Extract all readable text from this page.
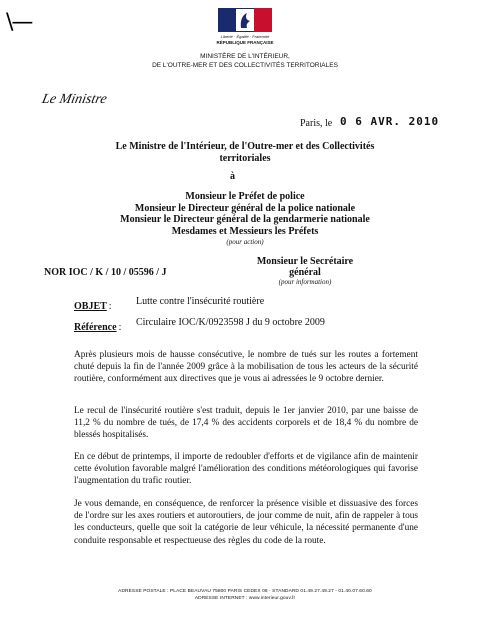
\—
Liberté · Égalité · Fraternité
RÉPUBLIQUE FRANÇAISE
MINISTÈRE DE L'INTÉRIEUR,
DE L'OUTRE-MER ET DES COLLECTIVITÉS TERRITORIALES
Le Ministre
Paris, le 0 6 AVR. 2010
Le Ministre de l'Intérieur, de l'Outre-mer et des Collectivités
territoriales
à
Monsieur le Préfet de police
Monsieur le Directeur général de la police nationale
Monsieur le Directeur général de la gendarmerie nationale
Mesdames et Messieurs les Préfets
(pour action)
NOR IOC / K / 10 / 05596 / J
Monsieur le Secrétaire général
(pour information)
OBJET : Lutte contre l'insécurité routière
Référence : Circulaire IOC/K/0923598 J du 9 octobre 2009
Après plusieurs mois de hausse consécutive, le nombre de tués sur les routes a fortement chuté depuis la fin de l'année 2009 grâce à la mobilisation de tous les acteurs de la sécurité routière, conformément aux directives que je vous ai adressées le 9 octobre dernier.
Le recul de l'insécurité routière s'est traduit, depuis le 1er janvier 2010, par une baisse de 11,2 % du nombre de tués, de 17,4 % des accidents corporels et de 18,4 % du nombre de blessés hospitalisés.
En ce début de printemps, il importe de redoubler d'efforts et de vigilance afin de maintenir cette évolution favorable malgré l'amélioration des conditions météorologiques qui favorise l'augmentation du trafic routier.
Je vous demande, en conséquence, de renforcer la présence visible et dissuasive des forces de l'ordre sur les axes routiers et autoroutiers, de jour comme de nuit, afin de rappeler à tous les conducteurs, quelle que soit la catégorie de leur véhicule, la nécessité permanente d'une conduite responsable et respectueuse des règles du code de la route.
ADRESSE POSTALE : PLACE BEAUVAU 75800 PARIS CEDEX 08 · STANDARD 01.49.27.49.27 - 01.40.07.60.60
ADRESSE INTERNET : www.interieur.gouv.fr
